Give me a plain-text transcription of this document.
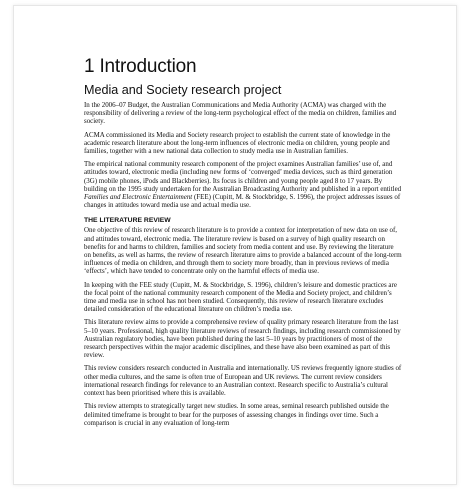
1 Introduction
Media and Society research project

In the 2006–07 Budget, the Australian Communications and Media Authority (ACMA) was charged with the responsibility of delivering a review of the long-term psychological effect of the media on children, families and society.

ACMA commissioned its Media and Society research project to establish the current state of knowledge in the academic research literature about the long-term influences of electronic media on children, young people and families, together with a new national data collection to study media use in Australian families.

The empirical national community research component of the project examines Australian families’ use of, and attitudes toward, electronic media (including new forms of ‘converged’ media devices, such as third generation (3G) mobile phones, iPods and Blackberries). Its focus is children and young people aged 8 to 17 years. By building on the 1995 study undertaken for the Australian Broadcasting Authority and published in a report entitled Families and Electronic Entertainment (FEE) (Cupitt, M. & Stockbridge, S. 1996), the project addresses issues of changes in attitudes toward media use and actual media use.

THE LITERATURE REVIEW

One objective of this review of research literature is to provide a context for interpretation of new data on use of, and attitudes toward, electronic media. The literature review is based on a survey of high quality research on benefits for and harms to children, families and society from media content and use. By reviewing the literature on benefits, as well as harms, the review of research literature aims to provide a balanced account of the long-term influences of media on children, and through them to society more broadly, than in previous reviews of media ‘effects’, which have tended to concentrate only on the harmful effects of media use.

In keeping with the FEE study (Cupitt, M. & Stockbridge, S. 1996), children’s leisure and domestic practices are the focal point of the national community research component of the Media and Society project, and children’s time and media use in school has not been studied. Consequently, this review of research literature excludes detailed consideration of the educational literature on children’s media use.

This literature review aims to provide a comprehensive review of quality primary research literature from the last 5–10 years. Professional, high quality literature reviews of research findings, including research commissioned by Australian regulatory bodies, have been published during the last 5–10 years by practitioners of most of the research perspectives within the major academic disciplines, and these have also been examined as part of this review.

This review considers research conducted in Australia and internationally. US reviews frequently ignore studies of other media cultures, and the same is often true of European and UK reviews. The current review considers international research findings for relevance to an Australian context. Research specific to Australia’s cultural context has been prioritised where this is available.

This review attempts to strategically target new studies. In some areas, seminal research published outside the delimited timeframe is brought to bear for the purposes of assessing changes in findings over time. Such a comparison is crucial in any evaluation of long-term
